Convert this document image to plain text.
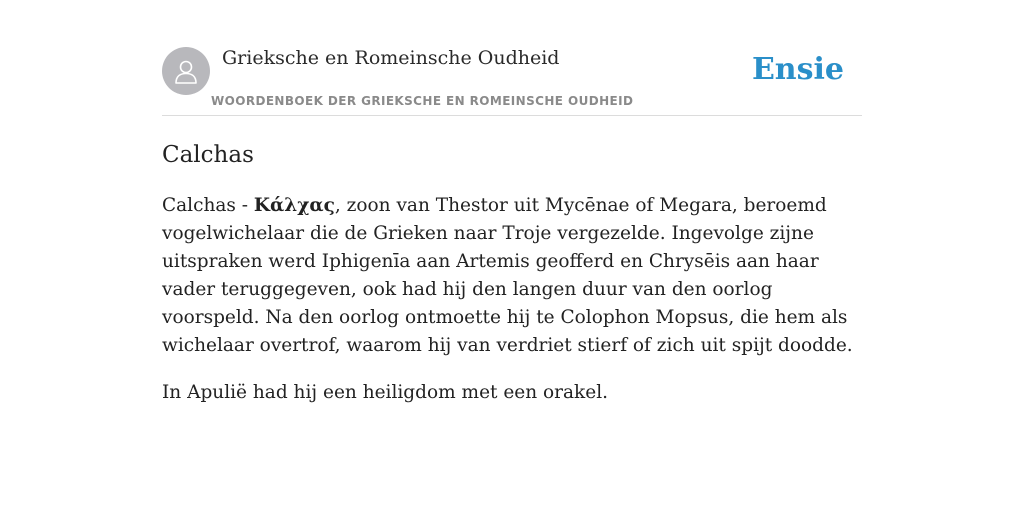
Grieksche en Romeinsche Oudheid
WOORDENBOEK DER GRIEKSCHE EN ROMEINSCHE OUDHEID
Ensie
Calchas

Calchas - Κάλχας, zoon van Thestor uit Mycēnae of Megara, beroemd vogelwichelaar die de Grieken naar Troje vergezelde. Ingevolge zijne uitspraken werd Iphigenīa aan Artemis geofferd en Chrysēis aan haar vader teruggegeven, ook had hij den langen duur van den oorlog voorspeld. Na den oorlog ontmoette hij te Colophon Mopsus, die hem als wichelaar overtrof, waarom hij van verdriet stierf of zich uit spijt doodde.

In Apulië had hij een heiligdom met een orakel.
